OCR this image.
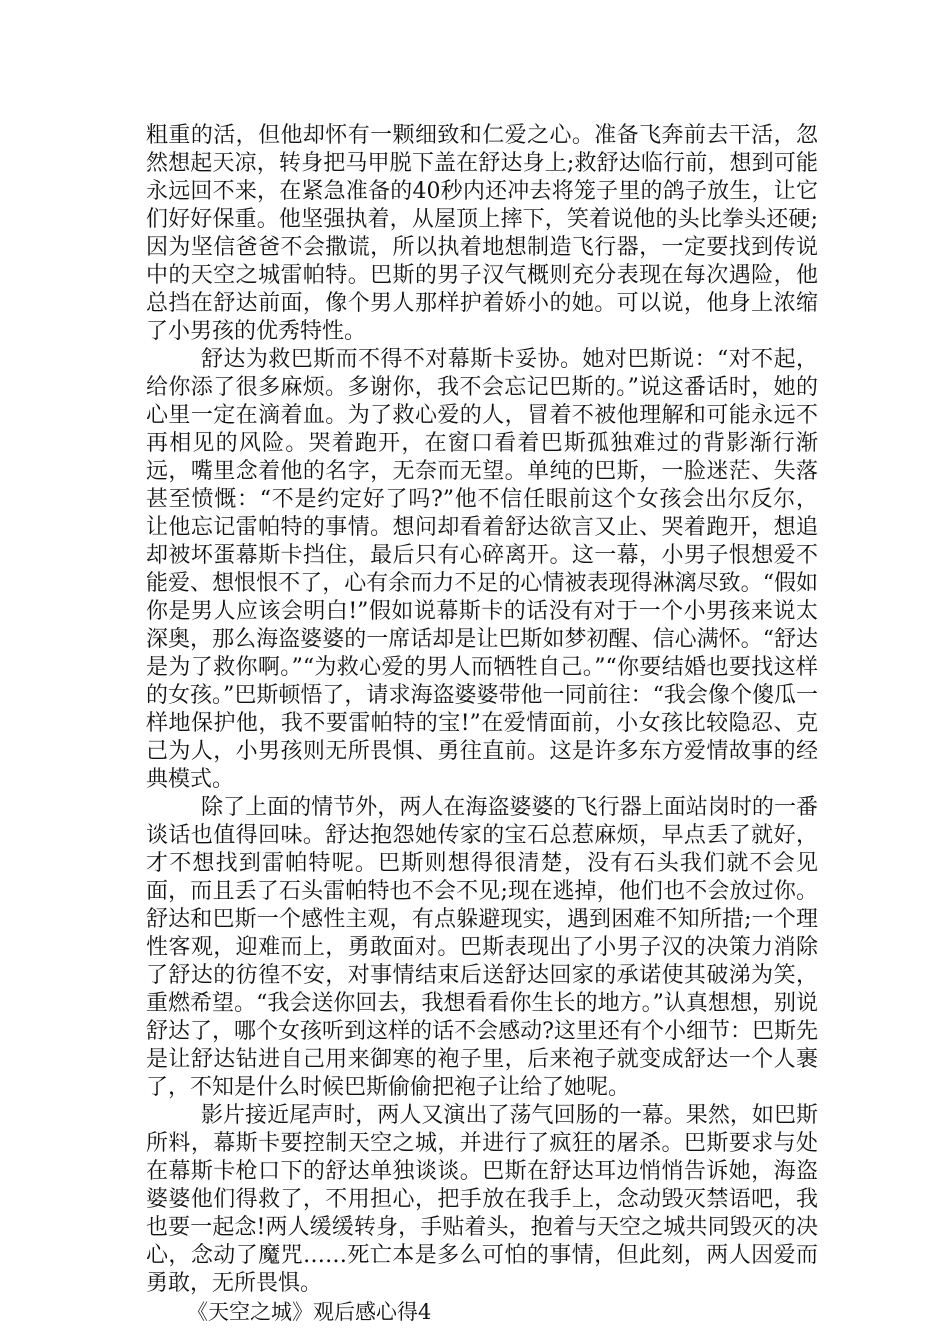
粗重的活，但他却怀有一颗细致和仁爱之心。准备飞奔前去干活，忽然想起天凉，转身把马甲脱下盖在舒达身上;救舒达临行前，想到可能永远回不来，在紧急准备的40秒内还冲去将笼子里的鸽子放生，让它们好好保重。他坚强执着，从屋顶上摔下，笑着说他的头比拳头还硬;因为坚信爸爸不会撒谎，所以执着地想制造飞行器，一定要找到传说中的天空之城雷帕特。巴斯的男子汉气概则充分表现在每次遇险，他总挡在舒达前面，像个男人那样护着娇小的她。可以说，他身上浓缩了小男孩的优秀特性。

舒达为救巴斯而不得不对幕斯卡妥协。她对巴斯说：“对不起，给你添了很多麻烦。多谢你，我不会忘记巴斯的。”说这番话时，她的心里一定在滴着血。为了救心爱的人，冒着不被他理解和可能永远不再相见的风险。哭着跑开，在窗口看着巴斯孤独难过的背影渐行渐远，嘴里念着他的名字，无奈而无望。单纯的巴斯，一脸迷茫、失落甚至愤慨：“不是约定好了吗?”他不信任眼前这个女孩会出尔反尔，让他忘记雷帕特的事情。想问却看着舒达欲言又止、哭着跑开，想追却被坏蛋幕斯卡挡住，最后只有心碎离开。这一幕，小男子恨想爱不能爱、想恨恨不了，心有余而力不足的心情被表现得淋漓尽致。“假如你是男人应该会明白!”假如说幕斯卡的话没有对于一个小男孩来说太深奥，那么海盗婆婆的一席话却是让巴斯如梦初醒、信心满怀。“舒达是为了救你啊。”“为救心爱的男人而牺牲自己。”“你要结婚也要找这样的女孩。”巴斯顿悟了，请求海盗婆婆带他一同前往：“我会像个傻瓜一样地保护他，我不要雷帕特的宝!”在爱情面前，小女孩比较隐忍、克己为人，小男孩则无所畏惧、勇往直前。这是许多东方爱情故事的经典模式。

除了上面的情节外，两人在海盗婆婆的飞行器上面站岗时的一番谈话也值得回味。舒达抱怨她传家的宝石总惹麻烦，早点丢了就好，才不想找到雷帕特呢。巴斯则想得很清楚，没有石头我们就不会见面，而且丢了石头雷帕特也不会不见;现在逃掉，他们也不会放过你。舒达和巴斯一个感性主观，有点躲避现实，遇到困难不知所措;一个理性客观，迎难而上，勇敢面对。巴斯表现出了小男子汉的决策力消除了舒达的彷徨不安，对事情结束后送舒达回家的承诺使其破涕为笑，重燃希望。“我会送你回去，我想看看你生长的地方。”认真想想，别说舒达了，哪个女孩听到这样的话不会感动?这里还有个小细节：巴斯先是让舒达钻进自己用来御寒的袍子里，后来袍子就变成舒达一个人裹了，不知是什么时候巴斯偷偷把袍子让给了她呢。

影片接近尾声时，两人又演出了荡气回肠的一幕。果然，如巴斯所料，幕斯卡要控制天空之城，并进行了疯狂的屠杀。巴斯要求与处在幕斯卡枪口下的舒达单独谈谈。巴斯在舒达耳边悄悄告诉她，海盗婆婆他们得救了，不用担心，把手放在我手上，念动毁灭禁语吧，我也要一起念!两人缓缓转身，手贴着头，抱着与天空之城共同毁灭的决心，念动了魔咒……死亡本是多么可怕的事情，但此刻，两人因爱而勇敢，无所畏惧。

《天空之城》观后感心得4
